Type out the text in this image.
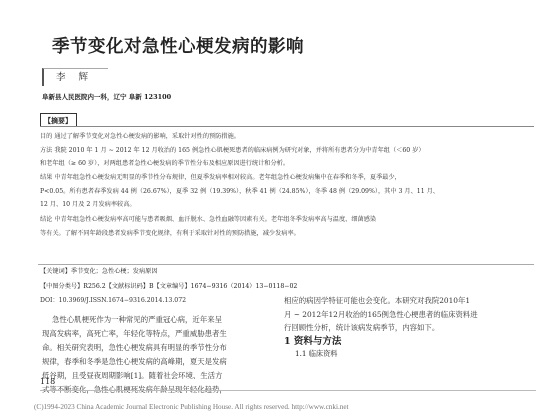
季节变化对急性心梗发病的影响
李 辉
阜新县人民医院内一科，辽宁 阜新 123100
【摘要】
目的 通过了解季节变化对急性心梗发病的影响，采取针对性的预防措施。
方法 我院 2010 年 1 月 ~ 2012 年 12 月收治的 165 例急性心肌梗死患者的临床病例为研究对象，并将所有患者分为中青年组（＜60 岁）
和老年组（≥ 60 岁），对两组患者急性心梗发病的季节性分布及相应原因进行统计和分析。
结果 中青年组急性心梗发病无明显的季节性分布规律，但夏季发病率相对较高。老年组急性心梗发病集中在春季和冬季，夏季最少，
P<0.05。所有患者春季发病 44 例（26.67%），夏季 32 例（19.39%），秋季 41 例（24.85%），冬季 48 例（29.09%），其中 3 月、11 月、
12 月、10 月及 2 月发病率较高。
结论 中青年组急性心梗发病率高可能与患者吸烟、血汗脱水、急性血融等因素有关。老年组冬季发病率高与温度、细菌感染
等有关。了解不同年龄段患者发病季节变化规律，有利于采取针对性的预防措施，减少发病率。
【关键词】季节变化；急性心梗；发病原因
【中图分类号】R256.2【文献标识码】B【文章编号】1674−9316（2014）13−0118−02
DOI：10.3969/J.ISSN.1674−9316.2014.13.072
急性心肌梗死作为一种常见的严重冠心病，近年来呈
现高发病率，高死亡率，年轻化等特点，严重威胁患者生
命。相关研究表明，急性心梗发病具有明显的季节性分布
规律，春季和冬季是急性心梗发病的高峰期，夏天是发病
低谷期，且受昼夜周期影响[1]。随着社会环境、生活方
相应的病因学特征可能也会变化。本研究对我院2010年1
月 ~ 2012年12月收治的165例急性心梗患者的临床资料进
行回顾性分析，统计该病发病季节，内容如下。
1 资料与方法
1.1 临床资料
118
(C)1994-2023 China Academic Journal Electronic Publishing House. All rights reserved. http://www.cnki.net
